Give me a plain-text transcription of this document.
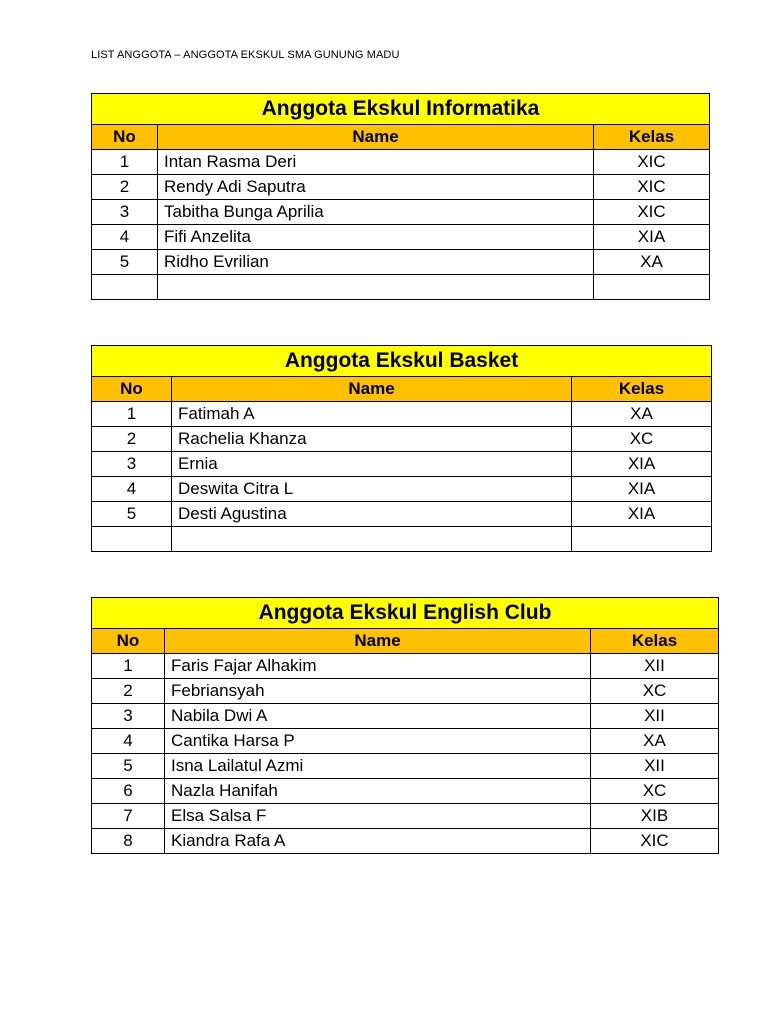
LIST ANGGOTA – ANGGOTA EKSKUL SMA GUNUNG MADU
Anggota Ekskul Informatika		
No	Name	Kelas
1	Intan Rasma Deri	XIC
2	Rendy Adi Saputra	XIC
3	Tabitha Bunga Aprilia	XIC
4	Fifi Anzelita	XIA
5	Ridho Evrilian	XA

Anggota Ekskul Basket		
No	Name	Kelas
1	Fatimah A	XA
2	Rachelia Khanza	XC
3	Ernia	XIA
4	Deswita Citra L	XIA
5	Desti Agustina	XIA

Anggota Ekskul English Club		
No	Name	Kelas
1	Faris Fajar Alhakim	XII
2	Febriansyah	XC
3	Nabila Dwi A	XII
4	Cantika Harsa P	XA
5	Isna Lailatul Azmi	XII
6	Nazla Hanifah	XC
7	Elsa Salsa F	XIB
8	Kiandra Rafa A	XIC
